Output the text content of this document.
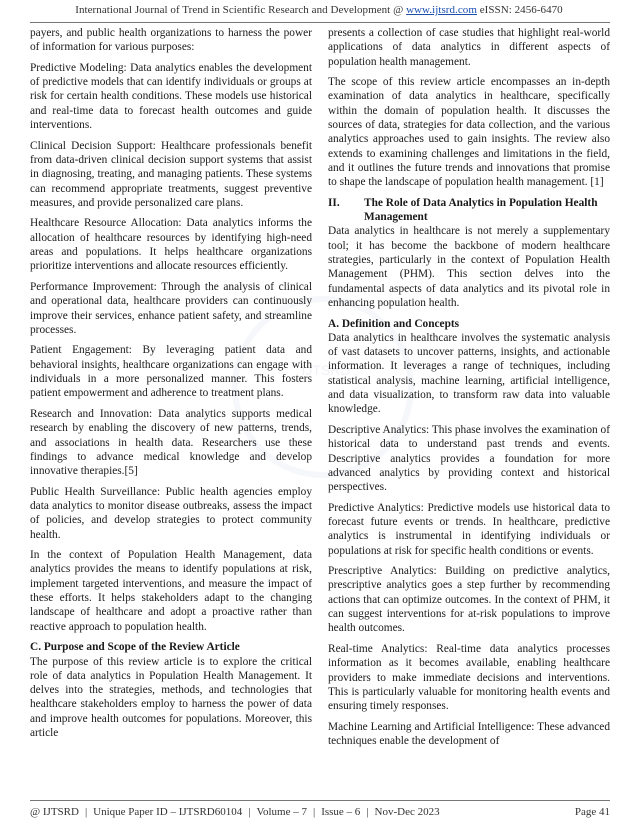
International Journal of Trend in Scientific Research and Development @ www.ijtsrd.com eISSN: 2456-6470
IJTSRD

payers, and public health organizations to harness the power of information for various purposes:

Predictive Modeling: Data analytics enables the development of predictive models that can identify individuals or groups at risk for certain health conditions. These models use historical and real-time data to forecast health outcomes and guide interventions.

Clinical Decision Support: Healthcare professionals benefit from data-driven clinical decision support systems that assist in diagnosing, treating, and managing patients. These systems can recommend appropriate treatments, suggest preventive measures, and provide personalized care plans.

Healthcare Resource Allocation: Data analytics informs the allocation of healthcare resources by identifying high-need areas and populations. It helps healthcare organizations prioritize interventions and allocate resources efficiently.

Performance Improvement: Through the analysis of clinical and operational data, healthcare providers can continuously improve their services, enhance patient safety, and streamline processes.

Patient Engagement: By leveraging patient data and behavioral insights, healthcare organizations can engage with individuals in a more personalized manner. This fosters patient empowerment and adherence to treatment plans.

Research and Innovation: Data analytics supports medical research by enabling the discovery of new patterns, trends, and associations in health data. Researchers use these findings to advance medical knowledge and develop innovative therapies.[5]

Public Health Surveillance: Public health agencies employ data analytics to monitor disease outbreaks, assess the impact of policies, and develop strategies to protect community health.

In the context of Population Health Management, data analytics provides the means to identify populations at risk, implement targeted interventions, and measure the impact of these efforts. It helps stakeholders adapt to the changing landscape of healthcare and adopt a proactive rather than reactive approach to population health.

C. Purpose and Scope of the Review Article

The purpose of this review article is to explore the critical role of data analytics in Population Health Management. It delves into the strategies, methods, and technologies that healthcare stakeholders employ to harness the power of data and improve health outcomes for populations. Moreover, this article

presents a collection of case studies that highlight real-world applications of data analytics in different aspects of population health management.

The scope of this review article encompasses an in-depth examination of data analytics in healthcare, specifically within the domain of population health. It discusses the sources of data, strategies for data collection, and the various analytics approaches used to gain insights. The review also extends to examining challenges and limitations in the field, and it outlines the future trends and innovations that promise to shape the landscape of population health management. [1]

II.	The Role of Data Analytics in Population Health Management

Data analytics in healthcare is not merely a supplementary tool; it has become the backbone of modern healthcare strategies, particularly in the context of Population Health Management (PHM). This section delves into the fundamental aspects of data analytics and its pivotal role in enhancing population health.

A. Definition and Concepts

Data analytics in healthcare involves the systematic analysis of vast datasets to uncover patterns, insights, and actionable information. It leverages a range of techniques, including statistical analysis, machine learning, artificial intelligence, and data visualization, to transform raw data into valuable knowledge.

Descriptive Analytics: This phase involves the examination of historical data to understand past trends and events. Descriptive analytics provides a foundation for more advanced analytics by providing context and historical perspectives.

Predictive Analytics: Predictive models use historical data to forecast future events or trends. In healthcare, predictive analytics is instrumental in identifying individuals or populations at risk for specific health conditions or events.

Prescriptive Analytics: Building on predictive analytics, prescriptive analytics goes a step further by recommending actions that can optimize outcomes. In the context of PHM, it can suggest interventions for at-risk populations to improve health outcomes.

Real-time Analytics: Real-time data analytics processes information as it becomes available, enabling healthcare providers to make immediate decisions and interventions. This is particularly valuable for monitoring health events and ensuring timely responses.

Machine Learning and Artificial Intelligence: These advanced techniques enable the development of

@ IJTSRD | Unique Paper ID – IJTSRD60104 | Volume – 7 | Issue – 6 | Nov-Dec 2023	Page 41
